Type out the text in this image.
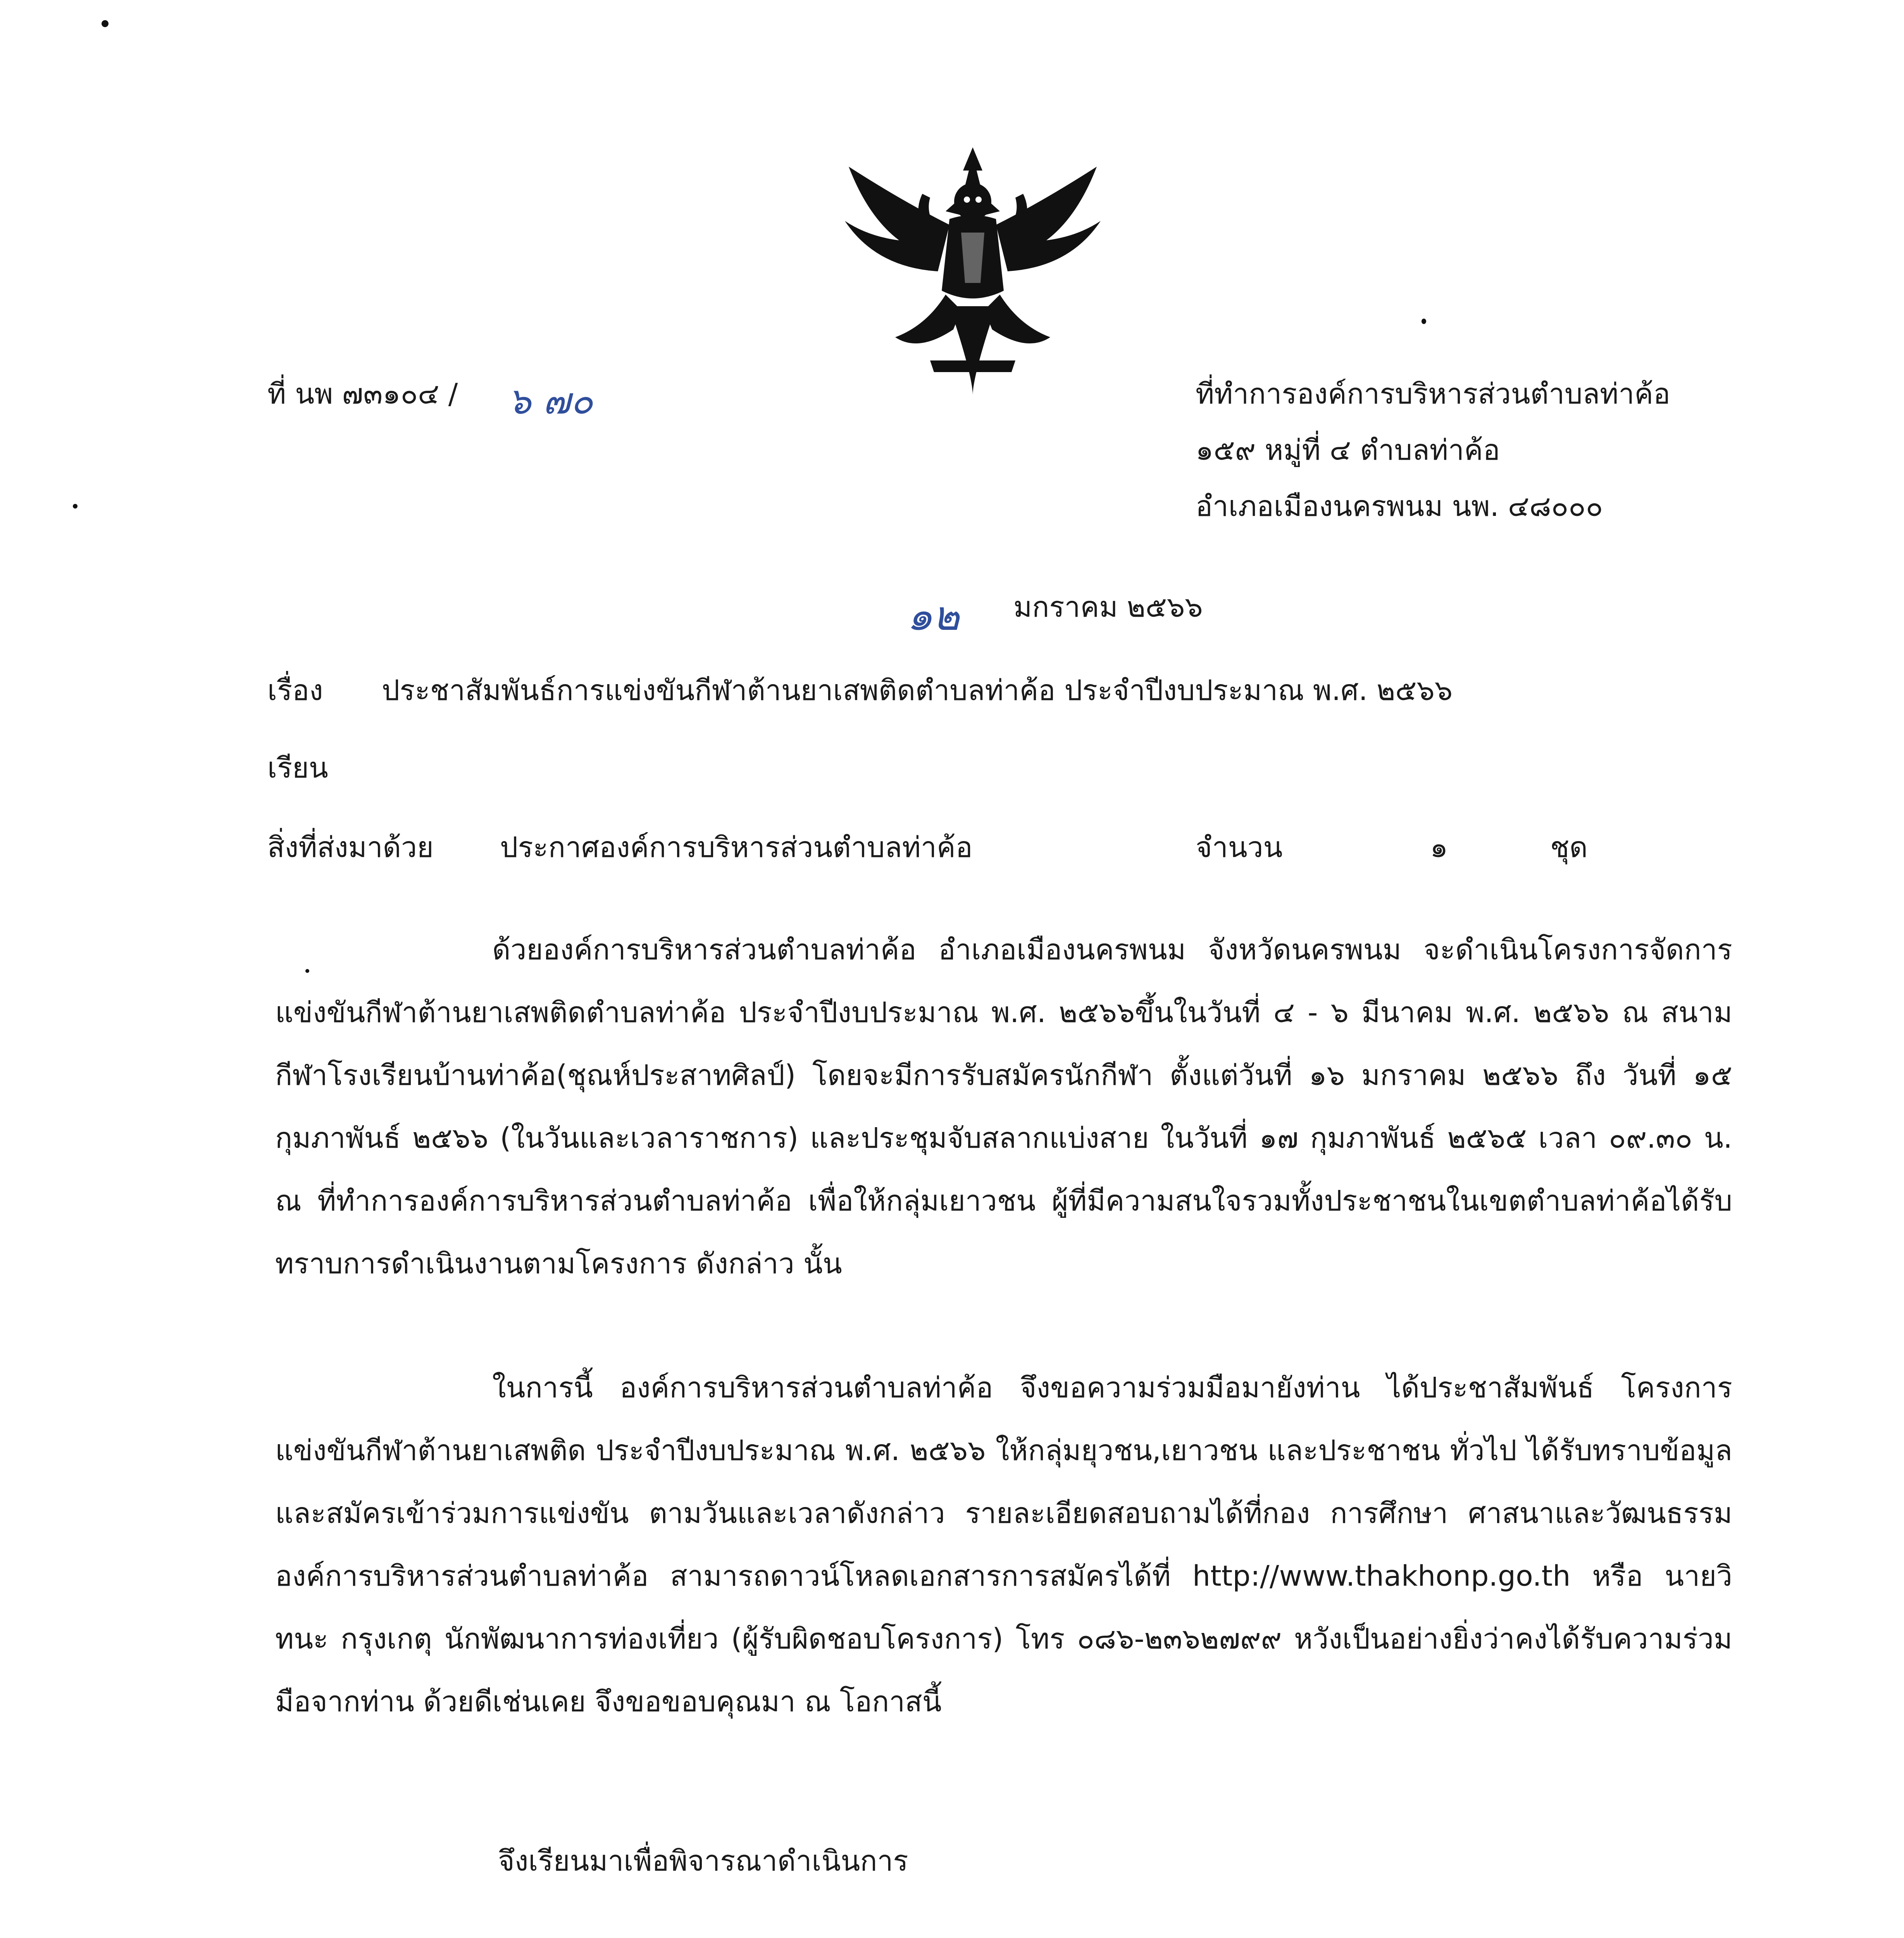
ที่ นพ ๗๓๑๐๔ / ๖ ๗๐	ที่ทำการองค์การบริหารส่วนตำบลท่าค้อ
๑๕๙ หมู่ที่ ๔ ตำบลท่าค้อ
อำเภอเมืองนครพนม นพ. ๔๘๐๐๐
๑๒ มกราคม ๒๕๖๖
เรื่อง ประชาสัมพันธ์การแข่งขันกีฬาต้านยาเสพติดตำบลท่าค้อ ประจำปีงบประมาณ พ.ศ. ๒๕๖๖
เรียน
สิ่งที่ส่งมาด้วย ประกาศองค์การบริหารส่วนตำบลท่าค้อ	จำนวน	๑	ชุด

ด้วยองค์การบริหารส่วนตำบลท่าค้อ อำเภอเมืองนครพนม จังหวัดนครพนม จะดำเนินโครงการจัดการแข่งขันกีฬาต้านยาเสพติดตำบลท่าค้อ ประจำปีงบประมาณ พ.ศ. ๒๕๖๖ขึ้นในวันที่ ๔ - ๖ มีนาคม พ.ศ. ๒๕๖๖ ณ สนามกีฬาโรงเรียนบ้านท่าค้อ(ชุณห์ประสาทศิลป์) โดยจะมีการรับสมัครนักกีฬา ตั้งแต่วันที่ ๑๖ มกราคม ๒๕๖๖ ถึง วันที่ ๑๕ กุมภาพันธ์ ๒๕๖๖ (ในวันและเวลาราชการ) และประชุมจับสลากแบ่งสาย ในวันที่ ๑๗ กุมภาพันธ์ ๒๕๖๕ เวลา ๐๙.๓๐ น. ณ ที่ทำการองค์การบริหารส่วนตำบลท่าค้อ เพื่อให้กลุ่มเยาวชน ผู้ที่มีความสนใจรวมทั้งประชาชนในเขตตำบลท่าค้อได้รับทราบการดำเนินงานตามโครงการ ดังกล่าว นั้น

ในการนี้ องค์การบริหารส่วนตำบลท่าค้อ จึงขอความร่วมมือมายังท่าน ได้ประชาสัมพันธ์ โครงการแข่งขันกีฬาต้านยาเสพติด ประจำปีงบประมาณ พ.ศ. ๒๕๖๖ ให้กลุ่มยุวชน,เยาวชน และประชาชน ทั่วไป ได้รับทราบข้อมูลและสมัครเข้าร่วมการแข่งขัน ตามวันและเวลาดังกล่าว รายละเอียดสอบถามได้ที่กอง การศึกษา ศาสนาและวัฒนธรรม องค์การบริหารส่วนตำบลท่าค้อ สามารถดาวน์โหลดเอกสารการสมัครได้ที่ http://www.thakhonp.go.th หรือ นายวิทนะ กรุงเกตุ นักพัฒนาการท่องเที่ยว (ผู้รับผิดชอบโครงการ) โทร ๐๘๖-๒๓๖๒๗๙๙ หวังเป็นอย่างยิ่งว่าคงได้รับความร่วมมือจากท่าน ด้วยดีเช่นเคย จึงขอขอบคุณมา ณ โอกาสนี้

จึงเรียนมาเพื่อพิจารณาดำเนินการ
